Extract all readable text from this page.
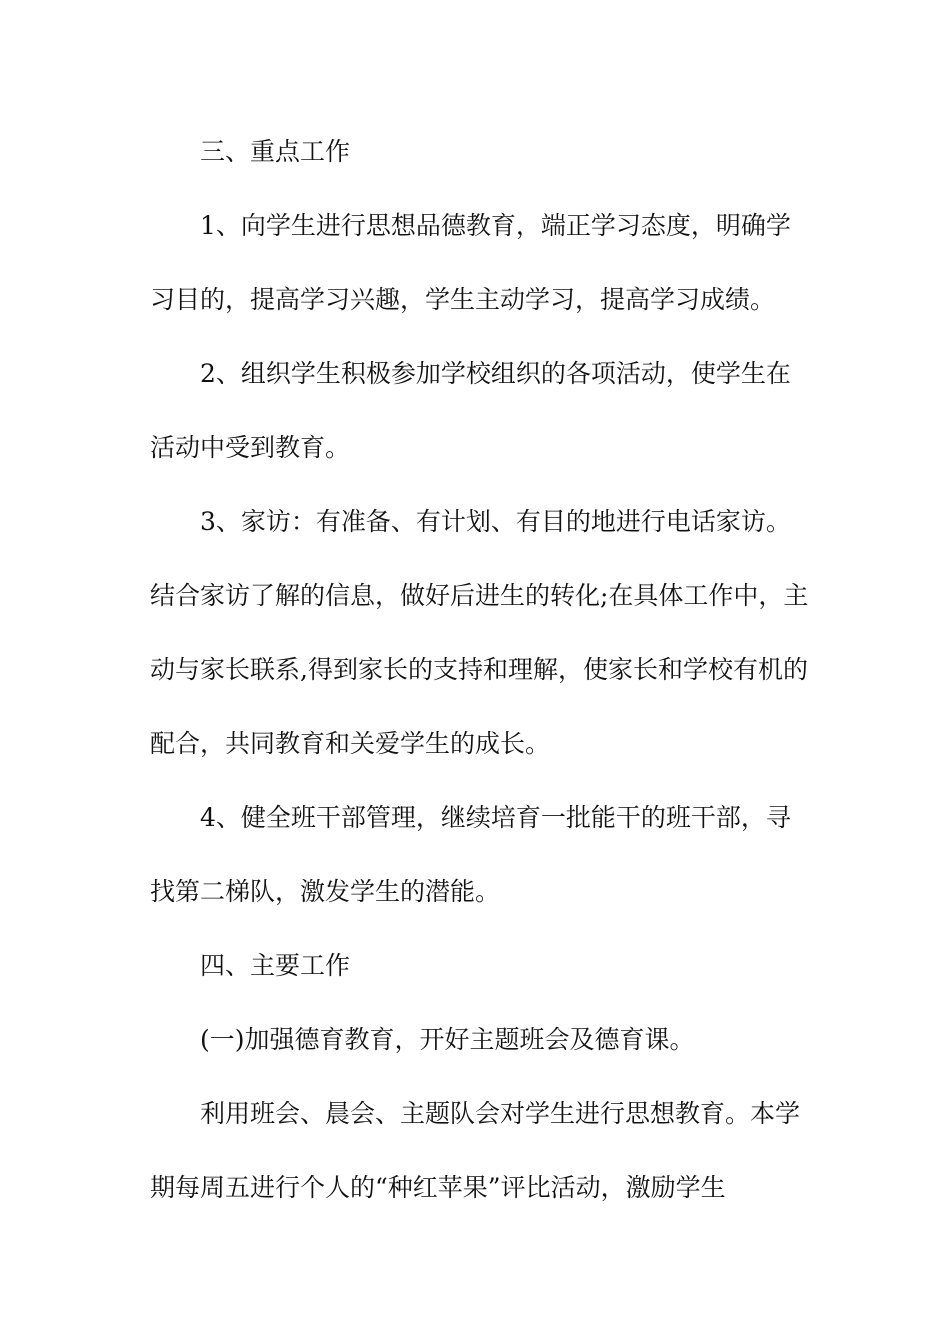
三、重点工作

1、向学生进行思想品德教育，端正学习态度，明确学习目的，提高学习兴趣，学生主动学习，提高学习成绩。

2、组织学生积极参加学校组织的各项活动，使学生在活动中受到教育。

3、家访：有准备、有计划、有目的地进行电话家访。结合家访了解的信息，做好后进生的转化;在具体工作中，主动与家长联系,得到家长的支持和理解，使家长和学校有机的配合，共同教育和关爱学生的成长。

4、健全班干部管理，继续培育一批能干的班干部，寻找第二梯队，激发学生的潜能。

四、主要工作

(一)加强德育教育，开好主题班会及德育课。

利用班会、晨会、主题队会对学生进行思想教育。本学期每周五进行个人的“种红苹果”评比活动，激励学生
